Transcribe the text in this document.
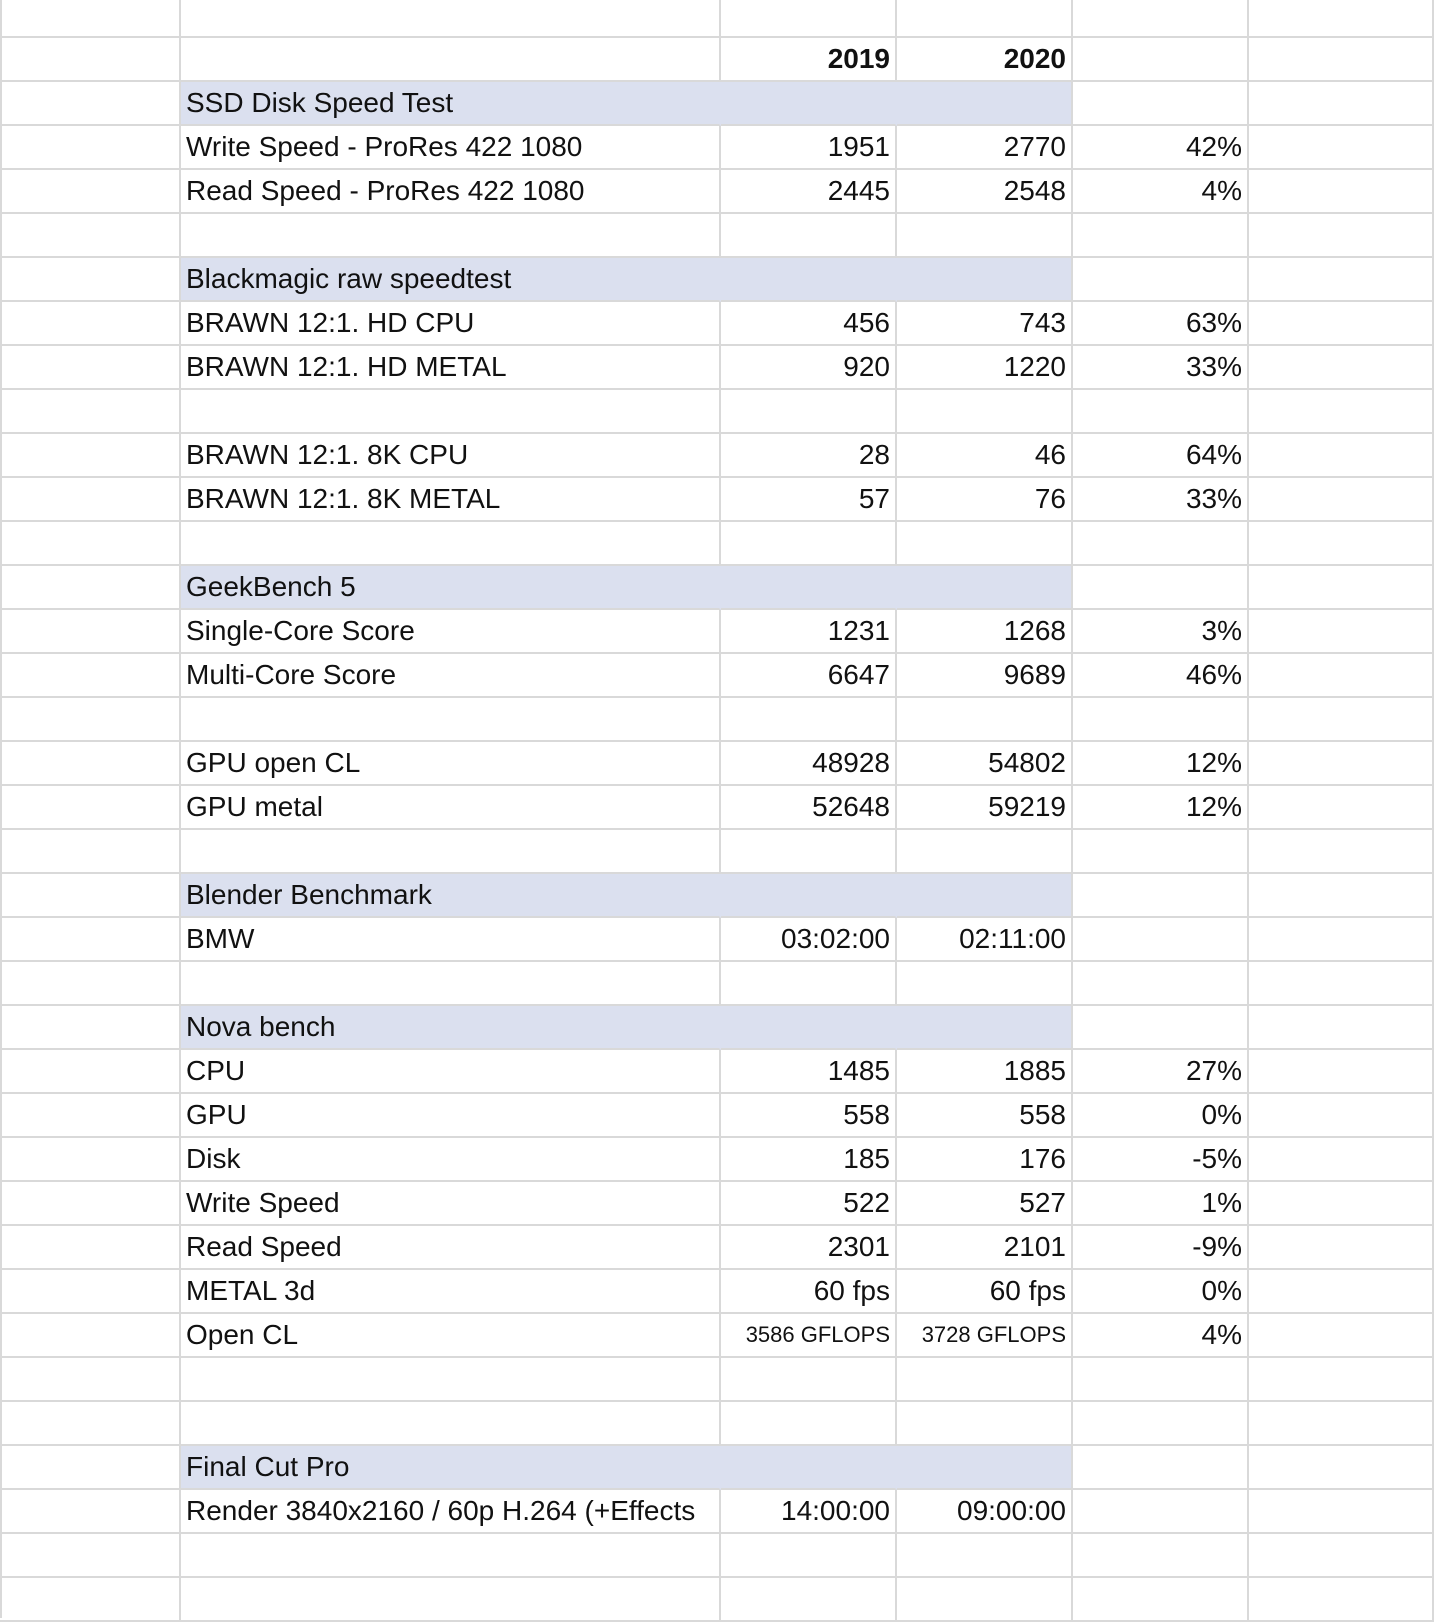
2019	2020
SSD Disk Speed Test
Write Speed - ProRes 422 1080	1951	2770	42%
Read Speed - ProRes 422 1080	2445	2548	4%
Blackmagic raw speedtest
BRAWN 12:1. HD CPU	456	743	63%
BRAWN 12:1. HD METAL	920	1220	33%
BRAWN 12:1. 8K CPU	28	46	64%
BRAWN 12:1. 8K METAL	57	76	33%
GeekBench 5
Single-Core Score	1231	1268	3%
Multi-Core Score	6647	9689	46%
GPU open CL	48928	54802	12%
GPU metal	52648	59219	12%
Blender Benchmark
BMW	03:02:00	02:11:00
Nova bench
CPU	1485	1885	27%
GPU	558	558	0%
Disk	185	176	-5%
Write Speed	522	527	1%
Read Speed	2301	2101	-9%
METAL 3d	60 fps	60 fps	0%
Open CL	3586 GFLOPS	3728 GFLOPS	4%
Final Cut Pro
Render 3840x2160 / 60p H.264 (+Effects	14:00:00	09:00:00
